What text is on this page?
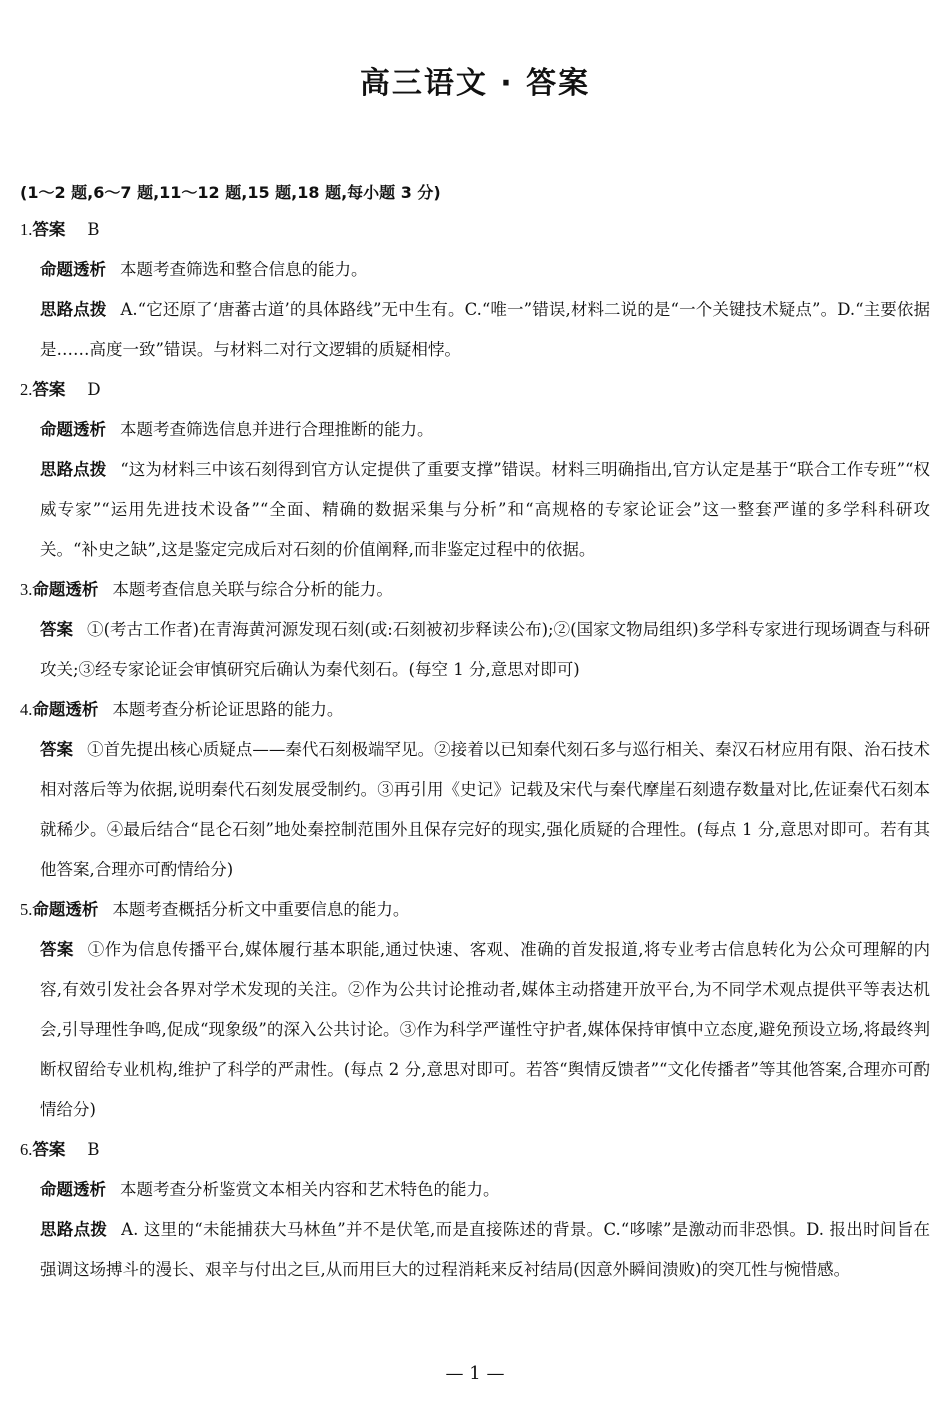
高三语文 · 答案
(1～2 题,6～7 题,11～12 题,15 题,18 题,每小题 3 分)

1.答案 B

命题透析 本题考查筛选和整合信息的能力。

思路点拨 A.“它还原了‘唐蕃古道’的具体路线”无中生有。C.“唯一”错误,材料二说的是“一个关键技术疑点”。D.“主要依据是……高度一致”错误。与材料二对行文逻辑的质疑相悖。

2.答案 D

命题透析 本题考查筛选信息并进行合理推断的能力。

思路点拨 “这为材料三中该石刻得到官方认定提供了重要支撑”错误。材料三明确指出,官方认定是基于“联合工作专班”“权威专家”“运用先进技术设备”“全面、精确的数据采集与分析”和“高规格的专家论证会”这一整套严谨的多学科科研攻关。“补史之缺”,这是鉴定完成后对石刻的价值阐释,而非鉴定过程中的依据。

3.命题透析 本题考查信息关联与综合分析的能力。

答案 ①(考古工作者)在青海黄河源发现石刻(或:石刻被初步释读公布);②(国家文物局组织)多学科专家进行现场调查与科研攻关;③经专家论证会审慎研究后确认为秦代刻石。(每空 1 分,意思对即可)

4.命题透析 本题考查分析论证思路的能力。

答案 ①首先提出核心质疑点——秦代石刻极端罕见。②接着以已知秦代刻石多与巡行相关、秦汉石材应用有限、治石技术相对落后等为依据,说明秦代石刻发展受制约。③再引用《史记》记载及宋代与秦代摩崖石刻遗存数量对比,佐证秦代石刻本就稀少。④最后结合“昆仑石刻”地处秦控制范围外且保存完好的现实,强化质疑的合理性。(每点 1 分,意思对即可。若有其他答案,合理亦可酌情给分)

5.命题透析 本题考查概括分析文中重要信息的能力。

答案 ①作为信息传播平台,媒体履行基本职能,通过快速、客观、准确的首发报道,将专业考古信息转化为公众可理解的内容,有效引发社会各界对学术发现的关注。②作为公共讨论推动者,媒体主动搭建开放平台,为不同学术观点提供平等表达机会,引导理性争鸣,促成“现象级”的深入公共讨论。③作为科学严谨性守护者,媒体保持审慎中立态度,避免预设立场,将最终判断权留给专业机构,维护了科学的严肃性。(每点 2 分,意思对即可。若答“舆情反馈者”“文化传播者”等其他答案,合理亦可酌情给分)

6.答案 B

命题透析 本题考查分析鉴赏文本相关内容和艺术特色的能力。

思路点拨 A. 这里的“未能捕获大马林鱼”并不是伏笔,而是直接陈述的背景。C.“哆嗦”是激动而非恐惧。D. 报出时间旨在强调这场搏斗的漫长、艰辛与付出之巨,从而用巨大的过程消耗来反衬结局(因意外瞬间溃败)的突兀性与惋惜感。

— 1 —
